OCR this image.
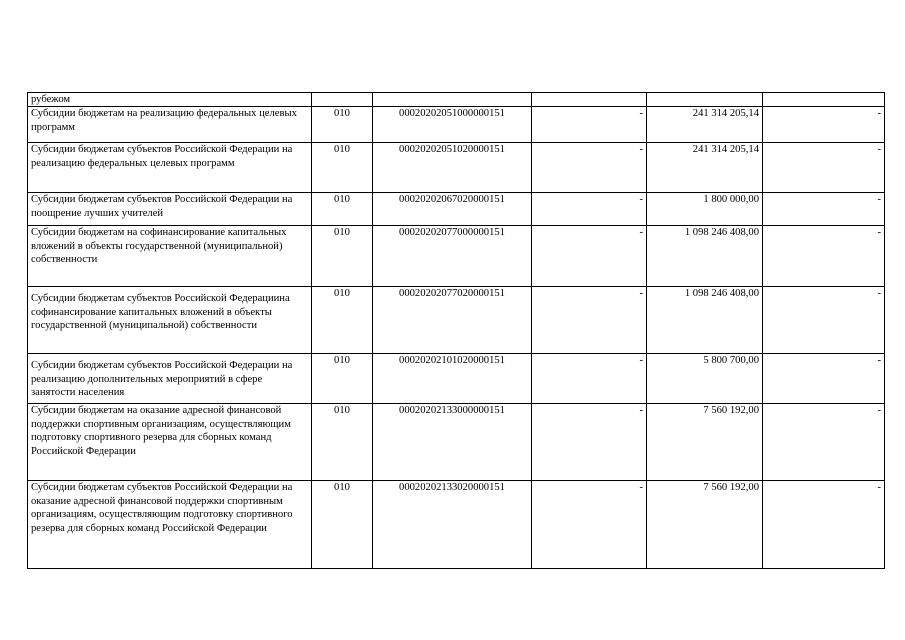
рубежом					
Субсидии бюджетам на реализацию федеральных целевых программ	010	00020202051000000151	-	241 314 205,14	-
Субсидии бюджетам субъектов Российской Федерации на реализацию федеральных целевых программ	010	00020202051020000151	-	241 314 205,14	-
Субсидии бюджетам субъектов Российской Федерации на поощрение лучших учителей	010	00020202067020000151	-	1 800 000,00	-
Субсидии бюджетам на софинансирование капитальных вложений в объекты государственной (муниципальной) собственности	010	00020202077000000151	-	1 098 246 408,00	-
Субсидии бюджетам субъектов Российской Федерациина софинансирование капитальных вложений в объекты государственной (муниципальной) собственности	010	00020202077020000151	-	1 098 246 408,00	-
Субсидии бюджетам субъектов Российской Федерации на реализацию дополнительных мероприятий в сфере занятости населения	010	00020202101020000151	-	5 800 700,00	-
Субсидии бюджетам на оказание адресной финансовой поддержки спортивным организациям, осуществляющим подготовку спортивного резерва для сборных команд Российской Федерации	010	00020202133000000151	-	7 560 192,00	-
Субсидии бюджетам субъектов Российской Федерации на оказание адресной финансовой поддержки спортивным организациям, осуществляющим подготовку спортивного резерва для сборных команд Российской Федерации	010	00020202133020000151	-	7 560 192,00	-
